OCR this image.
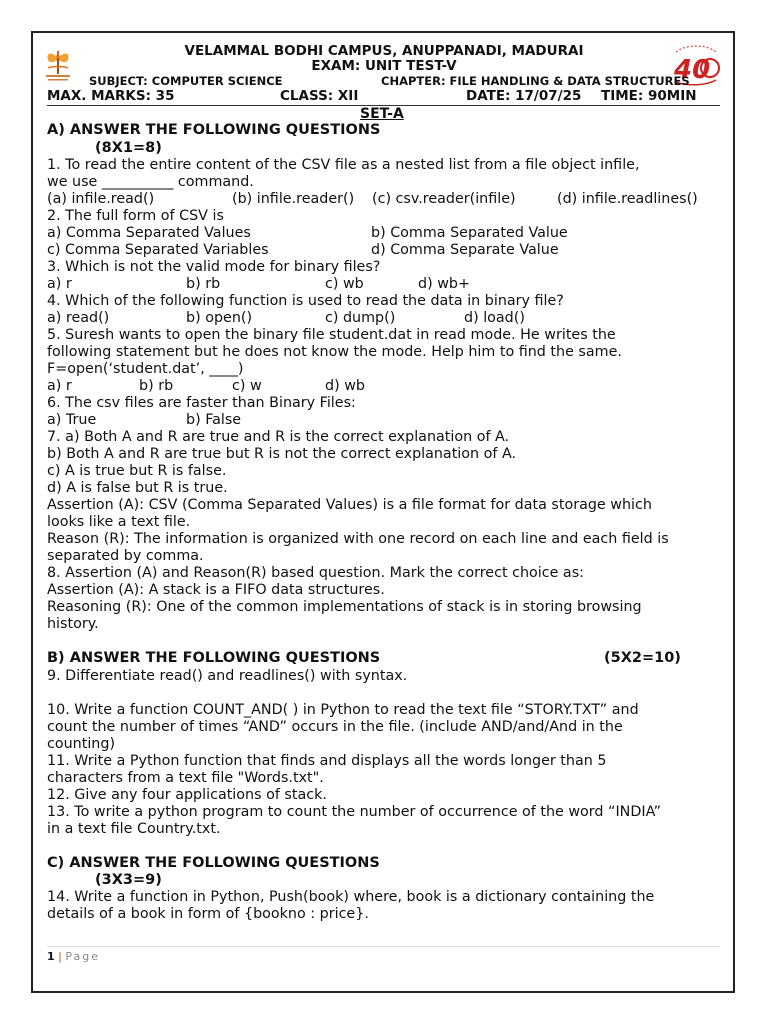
40
VELAMMAL BODHI CAMPUS, ANUPPANADI, MADURAI
EXAM: UNIT TEST-V
SUBJECT: COMPUTER SCIENCE	CHAPTER: FILE HANDLING & DATA STRUCTURES
MAX. MARKS: 35	CLASS: XII	DATE: 17/07/25 TIME: 90MIN
SET-A
A) ANSWER THE FOLLOWING QUESTIONS
(8X1=8)
1. To read the entire content of the CSV file as a nested list from a file object infile,
we use __________ command.
(a) infile.read()	(b) infile.reader() (c) csv.reader(infile)	(d) infile.readlines()
2. The full form of CSV is
a) Comma Separated Values	b) Comma Separated Value
c) Comma Separated Variables	d) Comma Separate Value
3. Which is not the valid mode for binary files?
a) r	b) rb	c) wb	d) wb+
4. Which of the following function is used to read the data in binary file?
a) read()	b) open()	c) dump()	d) load()
5. Suresh wants to open the binary file student.dat in read mode. He writes the
following statement but he does not know the mode. Help him to find the same.
F=open(‘student.dat’, ____)
a) r	b) rb	c) w	d) wb
6. The csv files are faster than Binary Files:
a) True	b) False
7. a) Both A and R are true and R is the correct explanation of A.
b) Both A and R are true but R is not the correct explanation of A.
c) A is true but R is false.
d) A is false but R is true.
Assertion (A): CSV (Comma Separated Values) is a file format for data storage which
looks like a text file.
Reason (R): The information is organized with one record on each line and each field is
separated by comma.
8. Assertion (A) and Reason(R) based question. Mark the correct choice as:
Assertion (A): A stack is a FIFO data structures.
Reasoning (R): One of the common implementations of stack is in storing browsing
history.
B) ANSWER THE FOLLOWING QUESTIONS	(5X2=10)
9. Differentiate read() and readlines() with syntax.
10. Write a function COUNT_AND( ) in Python to read the text file “STORY.TXT” and
count the number of times “AND” occurs in the file. (include AND/and/And in the
counting)
11. Write a Python function that finds and displays all the words longer than 5
characters from a text file "Words.txt".
12. Give any four applications of stack.
13. To write a python program to count the number of occurrence of the word “INDIA”
in a text file Country.txt.
C) ANSWER THE FOLLOWING QUESTIONS
(3X3=9)
14. Write a function in Python, Push(book) where, book is a dictionary containing the
details of a book in form of {bookno : price}.
1 | Page
